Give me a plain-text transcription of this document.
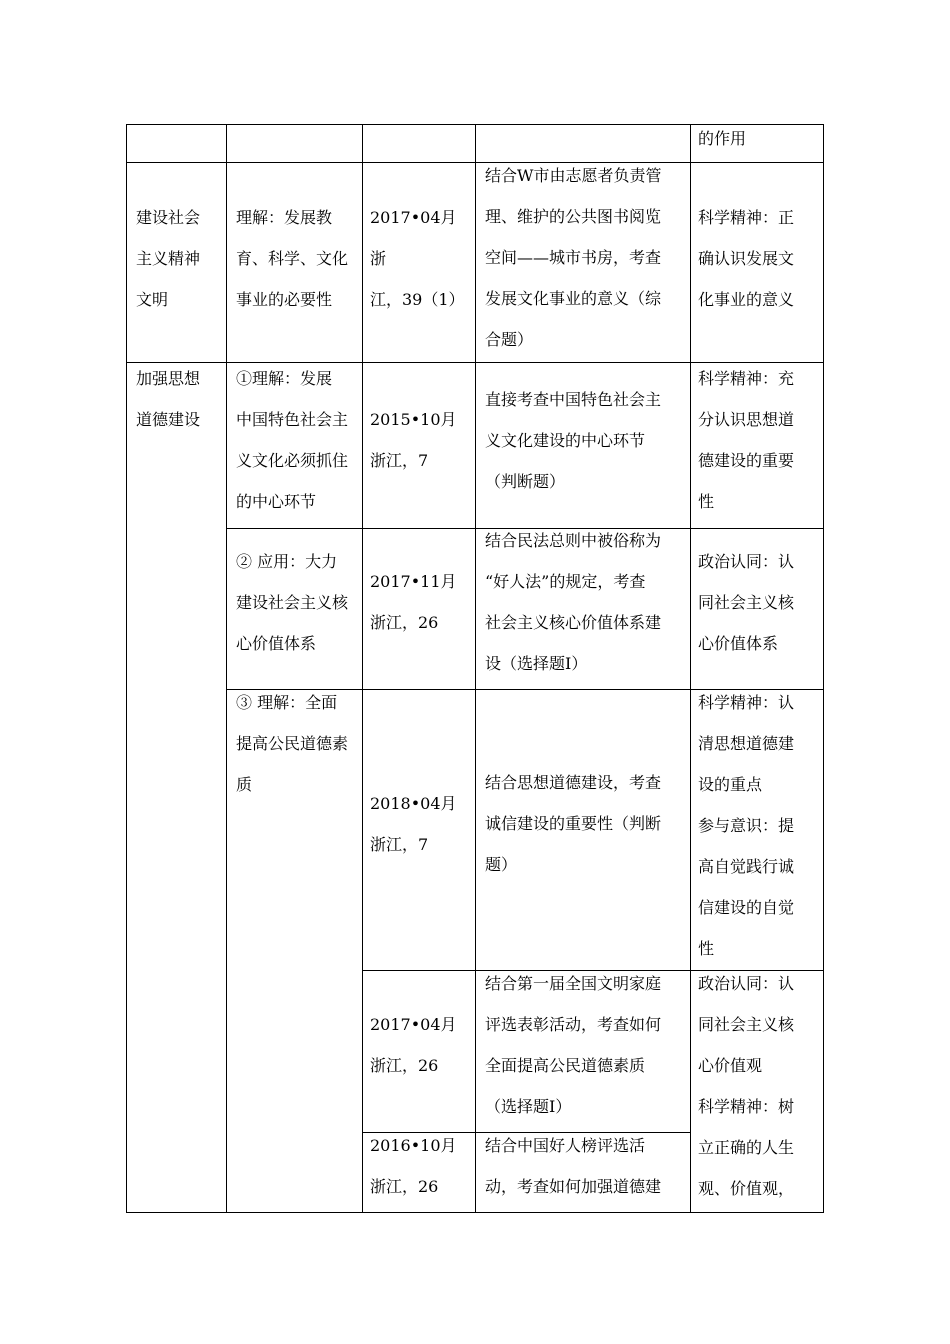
的作用
建设社会
主义精神
文明
理解：发展教
育、科学、文化
事业的必要性
2017•04月
浙
江，39（1）
结合W市由志愿者负责管
理、维护的公共图书阅览
空间——城市书房，考查
发展文化事业的意义（综
合题）
科学精神：正
确认识发展文
化事业的意义
加强思想
道德建设
①理解：发展
中国特色社会主
义文化必须抓住
的中心环节
2015•10月
浙江，7
直接考查中国特色社会主
义文化建设的中心环节
（判断题）
科学精神：充
分认识思想道
德建设的重要
性
② 应用：大力
建设社会主义核
心价值体系
2017•11月
浙江，26
结合民法总则中被俗称为
“好人法”的规定，考查
社会主义核心价值体系建
设（选择题Ⅰ）
政治认同：认
同社会主义核
心价值体系
③ 理解：全面
提高公民道德素
质
2018•04月
浙江，7
结合思想道德建设，考查
诚信建设的重要性（判断
题）
科学精神：认
清思想道德建
设的重点
参与意识：提
高自觉践行诚
信建设的自觉
性
2017•04月
浙江，26
结合第一届全国文明家庭
评选表彰活动，考查如何
全面提高公民道德素质
（选择题Ⅰ）
2016•10月
浙江，26
结合中国好人榜评选活
动，考查如何加强道德建
政治认同：认
同社会主义核
心价值观
科学精神：树
立正确的人生
观、价值观，
